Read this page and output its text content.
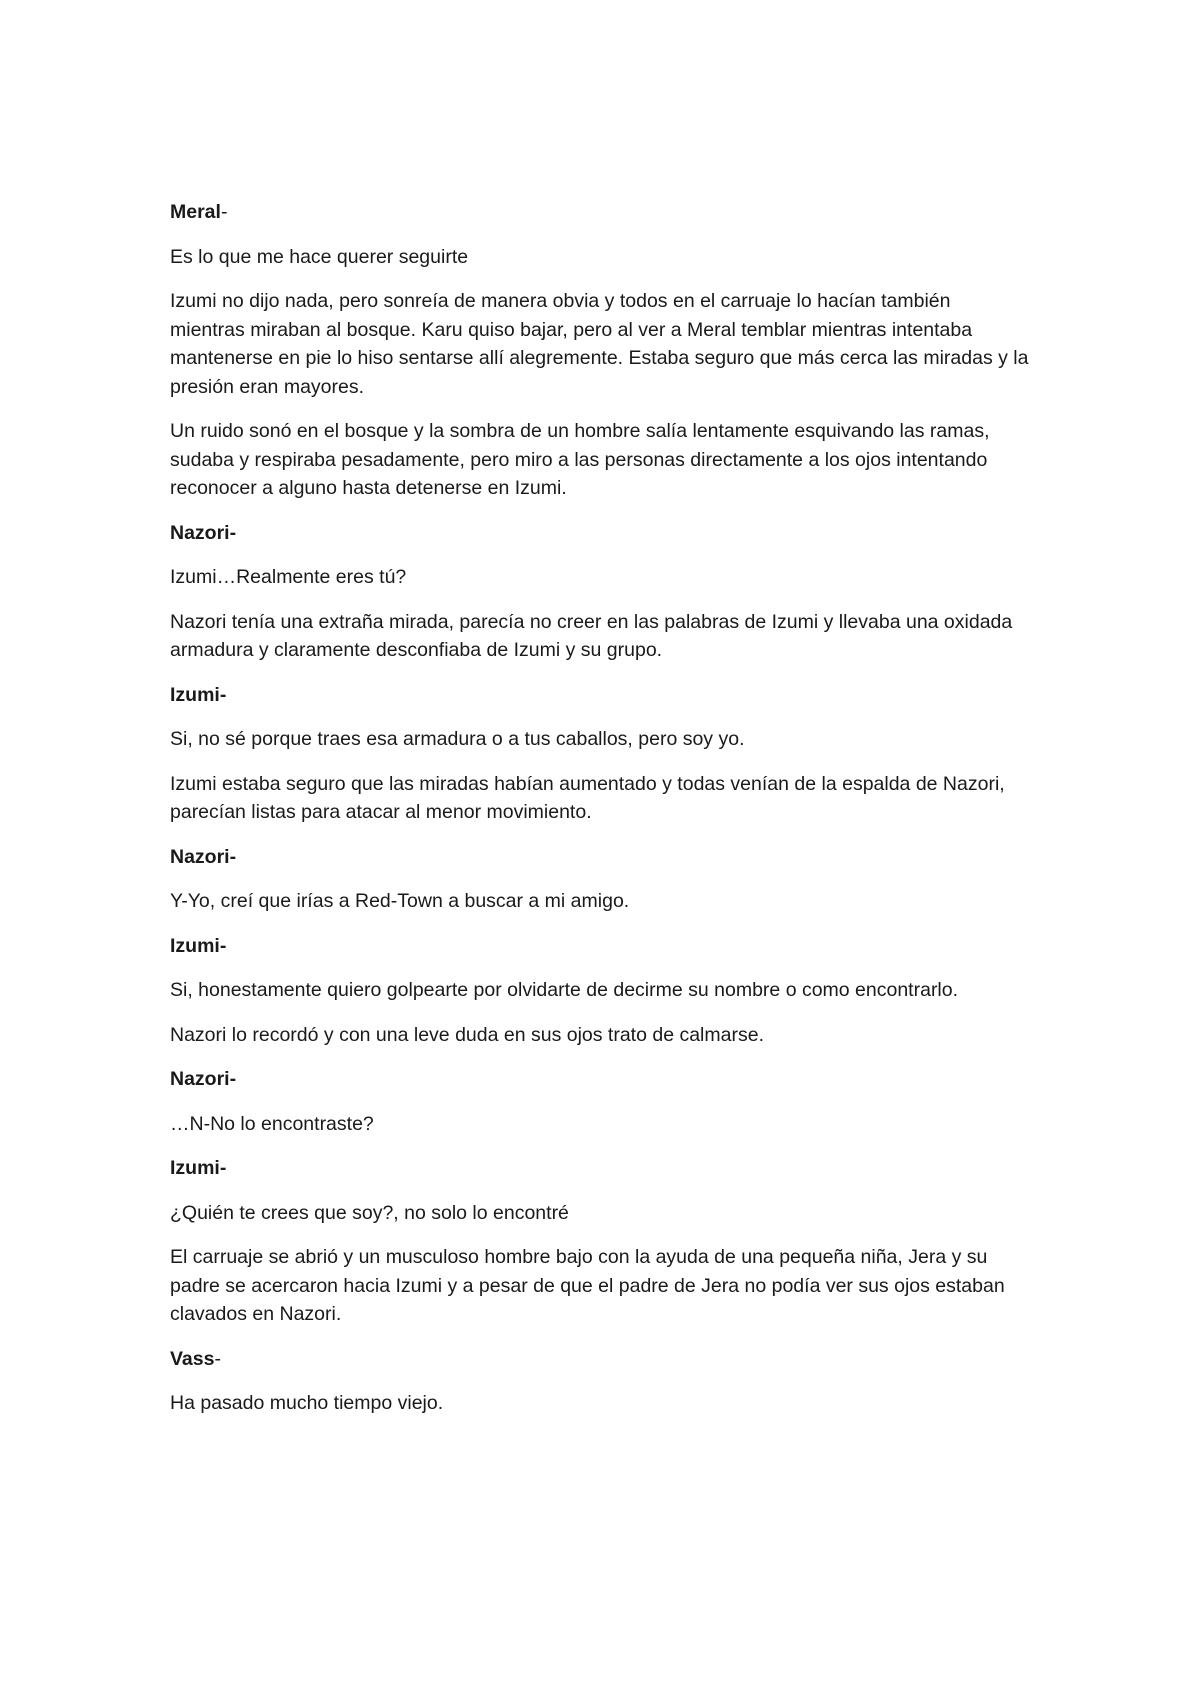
Meral-

Es lo que me hace querer seguirte

Izumi no dijo nada, pero sonreía de manera obvia y todos en el carruaje lo hacían también mientras miraban al bosque. Karu quiso bajar, pero al ver a Meral temblar mientras intentaba mantenerse en pie lo hiso sentarse allí alegremente. Estaba seguro que más cerca las miradas y la presión eran mayores.

Un ruido sonó en el bosque y la sombra de un hombre salía lentamente esquivando las ramas, sudaba y respiraba pesadamente, pero miro a las personas directamente a los ojos intentando reconocer a alguno hasta detenerse en Izumi.

Nazori-

Izumi…Realmente eres tú?

Nazori tenía una extraña mirada, parecía no creer en las palabras de Izumi y llevaba una oxidada armadura y claramente desconfiaba de Izumi y su grupo.

Izumi-

Si, no sé porque traes esa armadura o a tus caballos, pero soy yo.

Izumi estaba seguro que las miradas habían aumentado y todas venían de la espalda de Nazori, parecían listas para atacar al menor movimiento.

Nazori-

Y-Yo, creí que irías a Red-Town a buscar a mi amigo.

Izumi-

Si, honestamente quiero golpearte por olvidarte de decirme su nombre o como encontrarlo.

Nazori lo recordó y con una leve duda en sus ojos trato de calmarse.

Nazori-

…N-No lo encontraste?

Izumi-

¿Quién te crees que soy?, no solo lo encontré

El carruaje se abrió y un musculoso hombre bajo con la ayuda de una pequeña niña, Jera y su padre se acercaron hacia Izumi y a pesar de que el padre de Jera no podía ver sus ojos estaban clavados en Nazori.

Vass-

Ha pasado mucho tiempo viejo.
